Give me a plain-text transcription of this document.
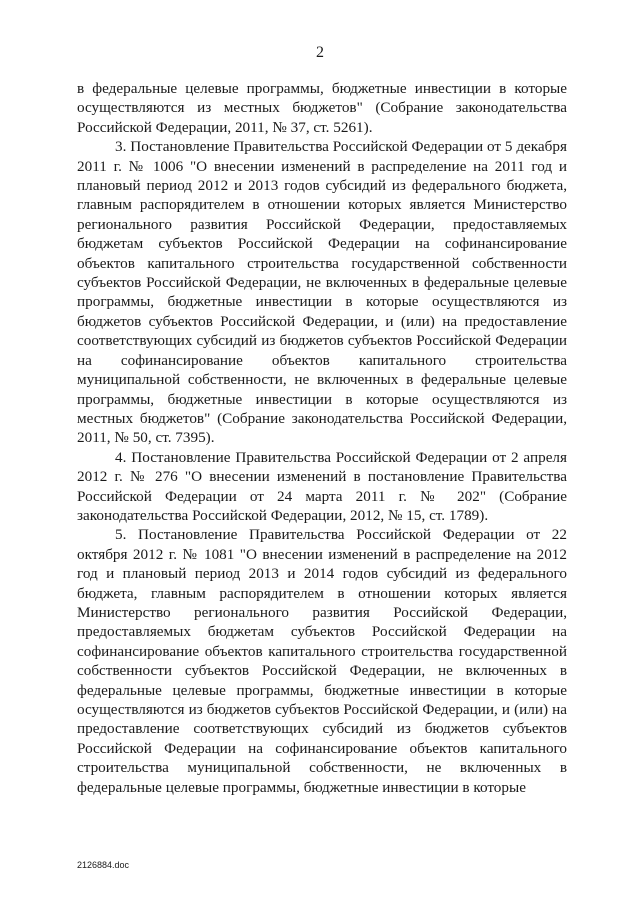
2

в федеральные целевые программы, бюджетные инвестиции в которые осуществляются из местных бюджетов" (Собрание законодательства Российской Федерации, 2011, № 37, ст. 5261).

3. Постановление Правительства Российской Федерации от 5 декабря 2011 г. № 1006 "О внесении изменений в распределение на 2011 год и плановый период 2012 и 2013 годов субсидий из федерального бюджета, главным распорядителем в отношении которых является Министерство регионального развития Российской Федерации, предоставляемых бюджетам субъектов Российской Федерации на софинансирование объектов капитального строительства государственной собственности субъектов Российской Федерации, не включенных в федеральные целевые программы, бюджетные инвестиции в которые осуществляются из бюджетов субъектов Российской Федерации, и (или) на предоставление соответствующих субсидий из бюджетов субъектов Российской Федерации на софинансирование объектов капитального строительства муниципальной собственности, не включенных в федеральные целевые программы, бюджетные инвестиции в которые осуществляются из местных бюджетов" (Собрание законодательства Российской Федерации, 2011, № 50, ст. 7395).

4. Постановление Правительства Российской Федерации от 2 апреля 2012 г. № 276 "О внесении изменений в постановление Правительства Российской Федерации от 24 марта 2011 г. № 202" (Собрание законодательства Российской Федерации, 2012, № 15, ст. 1789).

5. Постановление Правительства Российской Федерации от 22 октября 2012 г. № 1081 "О внесении изменений в распределение на 2012 год и плановый период 2013 и 2014 годов субсидий из федерального бюджета, главным распорядителем в отношении которых является Министерство регионального развития Российской Федерации, предоставляемых бюджетам субъектов Российской Федерации на софинансирование объектов капитального строительства государственной собственности субъектов Российской Федерации, не включенных в федеральные целевые программы, бюджетные инвестиции в которые осуществляются из бюджетов субъектов Российской Федерации, и (или) на предоставление соответствующих субсидий из бюджетов субъектов Российской Федерации на софинансирование объектов капитального строительства муниципальной собственности, не включенных в федеральные целевые программы, бюджетные инвестиции в которые

2126884.doc
